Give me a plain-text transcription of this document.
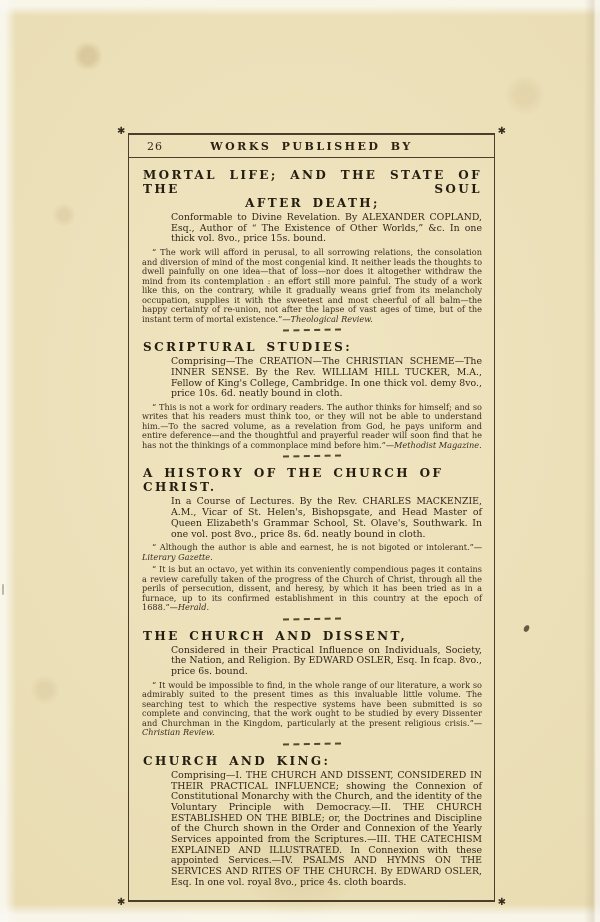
✱	✱
✱	✱
26	WORKS PUBLISHED BY
MORTAL LIFE; AND THE STATE OF THE SOUL
AFTER DEATH;

Conformable to Divine Revelation. By ALEXANDER COPLAND, Esq., Author of “ The Existence of Other Worlds,” &c. In one thick vol. 8vo., price 15s. bound.

“ The work will afford in perusal, to all sorrowing relations, the consolation and diversion of mind of the most congenial kind. It neither leads the thoughts to dwell painfully on one idea—that of loss—nor does it altogether withdraw the mind from its contemplation : an effort still more painful. The study of a work like this, on the contrary, while it gradually weans grief from its melancholy occupation, supplies it with the sweetest and most cheerful of all balm—the happy certainty of re-union, not after the lapse of vast ages of time, but of the instant term of mortal existence.”—Theological Review.

SCRIPTURAL STUDIES:

Comprising—The CREATION—The CHRISTIAN SCHEME—The INNER SENSE. By the Rev. WILLIAM HILL TUCKER, M.A., Fellow of King's College, Cambridge. In one thick vol. demy 8vo., price 10s. 6d. neatly bound in cloth.

“ This is not a work for ordinary readers. The author thinks for himself; and so writes that his readers must think too, or they will not be able to understand him.—To the sacred volume, as a revelation from God, he pays uniform and entire deference—and the thoughtful and prayerful reader will soon find that he has not the thinkings of a commonplace mind before him.”—Methodist Magazine.

A HISTORY OF THE CHURCH OF CHRIST.

In a Course of Lectures. By the Rev. CHARLES MACKENZIE, A.M., Vicar of St. Helen's, Bishopsgate, and Head Master of Queen Elizabeth's Grammar School, St. Olave's, Southwark. In one vol. post 8vo., price 8s. 6d. neatly bound in cloth.

“ Although the author is able and earnest, he is not bigoted or intolerant.”—Literary Gazette.

“ It is but an octavo, yet within its conveniently compendious pages it contains a review carefully taken of the progress of the Church of Christ, through all the perils of persecution, dissent, and heresy, by which it has been tried as in a furnace, up to its confirmed establishment in this country at the epoch of 1688.”—Herald.

THE CHURCH AND DISSENT,

Considered in their Practical Influence on Individuals, Society, the Nation, and Religion. By EDWARD OSLER, Esq. In fcap. 8vo., price 6s. bound.

“ It would be impossible to find, in the whole range of our literature, a work so admirably suited to the present times as this invaluable little volume. The searching test to which the respective systems have been submitted is so complete and convincing, that the work ought to be studied by every Dissenter and Churchman in the Kingdom, particularly at the present religious crisis.”—Christian Review.

CHURCH AND KING:

Comprising—I. THE CHURCH AND DISSENT, CONSIDERED IN THEIR PRACTICAL INFLUENCE; showing the Connexion of Constitutional Monarchy with the Church, and the identity of the Voluntary Principle with Democracy.—II. THE CHURCH ESTABLISHED ON THE BIBLE; or, the Doctrines and Discipline of the Church shown in the Order and Connexion of the Yearly Services appointed from the Scriptures.—III. THE CATECHISM EXPLAINED AND ILLUSTRATED. In Connexion with these appointed Services.—IV. PSALMS AND HYMNS ON THE SERVICES AND RITES OF THE CHURCH. By EDWARD OSLER, Esq. In one vol. royal 8vo., price 4s. cloth boards.
